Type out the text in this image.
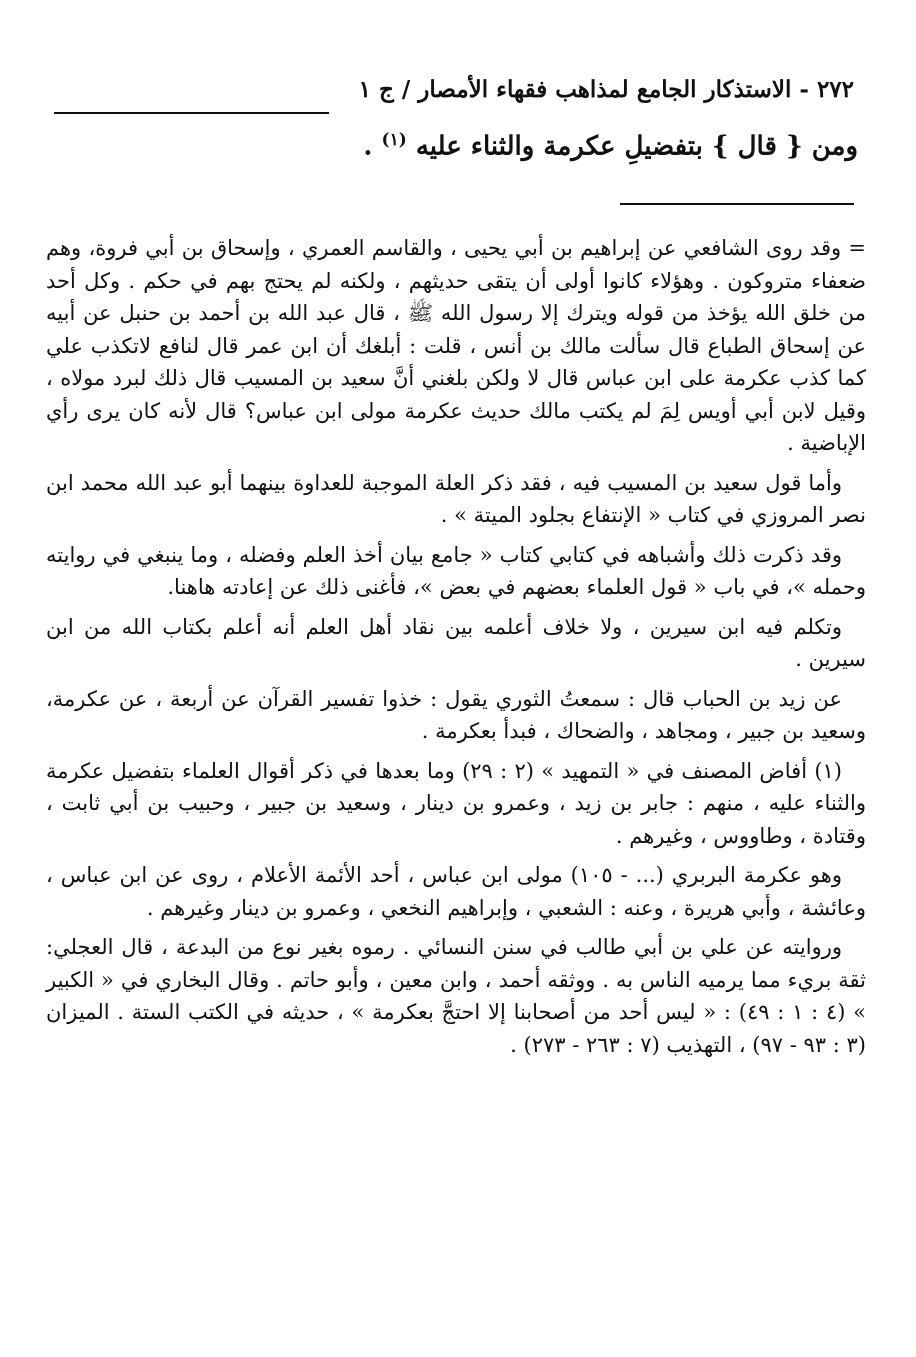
٢٧٢ - الاستذكار الجامع لمذاهب فقهاء الأمصار / ج ١
ومن { قال } بتفضيلِ عكرمة والثناء عليه $^{(١)}$ .

= وقد روى الشافعي عن إبراهيم بن أبي يحيى ، والقاسم العمري ، وإسحاق بن أبي فروة، وهم ضعفاء متروكون . وهؤلاء كانوا أولى أن يتقى حديثهم ، ولكنه لم يحتج بهم في حكم . وكل أحد من خلق الله يؤخذ من قوله ويترك إلا رسول الله ﷺ ، قال عبد الله بن أحمد بن حنبل عن أبيه عن إسحاق الطباع قال سألت مالك بن أنس ، قلت : أبلغك أن ابن عمر قال لنافع لاتكذب علي كما كذب عكرمة على ابن عباس قال لا ولكن بلغني أنَّ سعيد بن المسيب قال ذلك لبرد مولاه ، وقيل لابن أبي أويس لِمَ لم يكتب مالك حديث عكرمة مولى ابن عباس؟ قال لأنه كان يرى رأي الإباضية .

وأما قول سعيد بن المسيب فيه ، فقد ذكر العلة الموجبة للعداوة بينهما أبو عبد الله محمد ابن نصر المروزي في كتاب « الإنتفاع بجلود الميتة » .

وقد ذكرت ذلك وأشباهه في كتابي كتاب « جامع بيان أخذ العلم وفضله ، وما ينبغي في روايته وحمله »، في باب « قول العلماء بعضهم في بعض »، فأغنى ذلك عن إعادته هاهنا.

وتكلم فيه ابن سيرين ، ولا خلاف أعلمه بين نقاد أهل العلم أنه أعلم بكتاب الله من ابن سيرين .

عن زيد بن الحباب قال : سمعتُ الثوري يقول : خذوا تفسير القرآن عن أربعة ، عن عكرمة، وسعيد بن جبير ، ومجاهد ، والضحاك ، فبدأ بعكرمة .

(١) أفاض المصنف في « التمهيد » (٢ : ٢٩) وما بعدها في ذكر أقوال العلماء بتفضيل عكرمة والثناء عليه ، منهم : جابر بن زيد ، وعمرو بن دينار ، وسعيد بن جبير ، وحبيب بن أبي ثابت ، وقتادة ، وطاووس ، وغيرهم .

وهو عكرمة البربري (... - ١٠٥) مولى ابن عباس ، أحد الأئمة الأعلام ، روى عن ابن عباس ، وعائشة ، وأبي هريرة ، وعنه : الشعبي ، وإبراهيم النخعي ، وعمرو بن دينار وغيرهم .

وروايته عن علي بن أبي طالب في سنن النسائي . رموه بغير نوع من البدعة ، قال العجلي: ثقة بريء مما يرميه الناس به . ووثقه أحمد ، وابن معين ، وأبو حاتم . وقال البخاري في « الكبير » (٤ : ١ : ٤٩) : « ليس أحد من أصحابنا إلا احتجَّ بعكرمة » ، حديثه في الكتب الستة . الميزان (٣ : ٩٣ - ٩٧) ، التهذيب (٧ : ٢٦٣ - ٢٧٣) .
